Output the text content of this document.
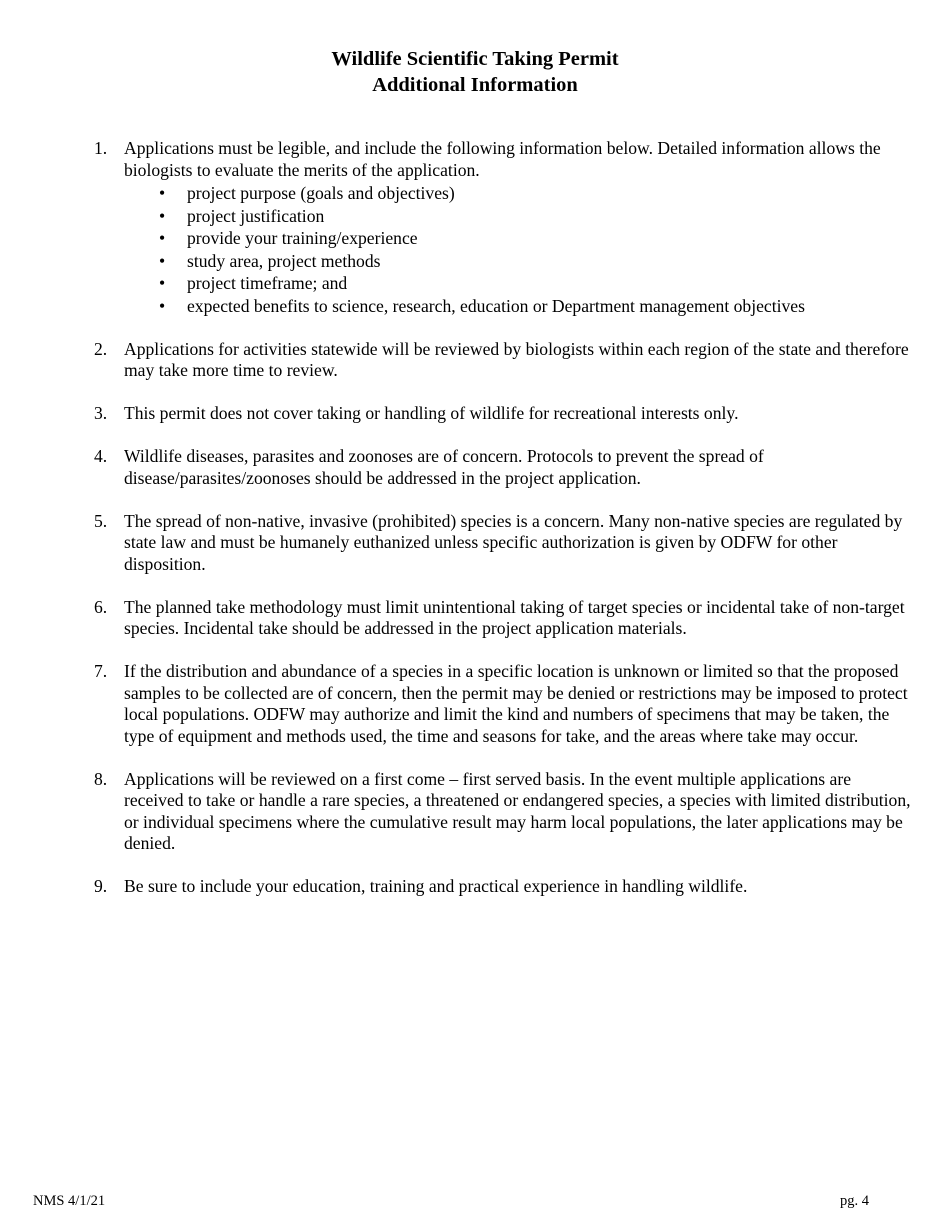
Wildlife Scientific Taking Permit
Additional Information
1. Applications must be legible, and include the following information below. Detailed information allows the biologists to evaluate the merits of the application.
• project purpose (goals and objectives)
• project justification
• provide your training/experience
• study area, project methods
• project timeframe; and
• expected benefits to science, research, education or Department management objectives
2. Applications for activities statewide will be reviewed by biologists within each region of the state and therefore may take more time to review.
3. This permit does not cover taking or handling of wildlife for recreational interests only.
4. Wildlife diseases, parasites and zoonoses are of concern. Protocols to prevent the spread of disease/parasites/zoonoses should be addressed in the project application.
5. The spread of non-native, invasive (prohibited) species is a concern. Many non-native species are regulated by state law and must be humanely euthanized unless specific authorization is given by ODFW for other disposition.
6. The planned take methodology must limit unintentional taking of target species or incidental take of non-target species. Incidental take should be addressed in the project application materials.
7. If the distribution and abundance of a species in a specific location is unknown or limited so that the proposed samples to be collected are of concern, then the permit may be denied or restrictions may be imposed to protect local populations. ODFW may authorize and limit the kind and numbers of specimens that may be taken, the type of equipment and methods used, the time and seasons for take, and the areas where take may occur.
8. Applications will be reviewed on a first come – first served basis. In the event multiple applications are received to take or handle a rare species, a threatened or endangered species, a species with limited distribution, or individual specimens where the cumulative result may harm local populations, the later applications may be denied.
9. Be sure to include your education, training and practical experience in handling wildlife.
NMS 4/1/21	pg. 4
